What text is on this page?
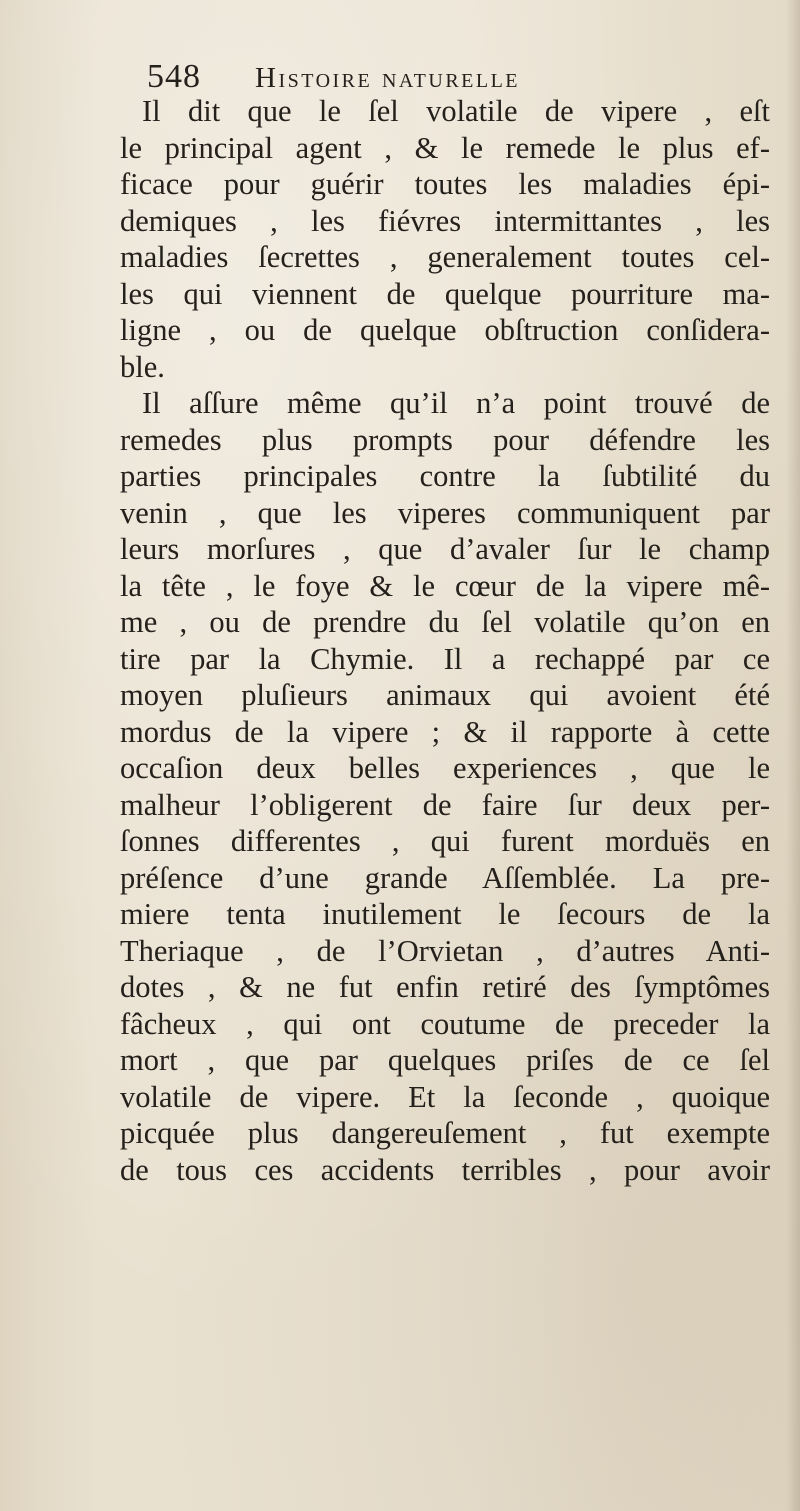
548 Histoire naturelle
Il dit que le ſel volatile de vipere , eſt
le principal agent , & le remede le plus ef-
ficace pour guérir toutes les maladies épi-
demiques , les fiévres intermittantes , les
maladies ſecrettes , generalement toutes cel-
les qui viennent de quelque pourriture ma-
ligne , ou de quelque obſtruction conſidera-
ble.
Il aſſure même qu’il n’a point trouvé de
remedes plus prompts pour défendre les
parties principales contre la ſubtilité du
venin , que les viperes communiquent par
leurs morſures , que d’avaler ſur le champ
la tête , le foye & le cœur de la vipere mê-
me , ou de prendre du ſel volatile qu’on en
tire par la Chymie. Il a rechappé par ce
moyen pluſieurs animaux qui avoient été
mordus de la vipere ; & il rapporte à cette
occaſion deux belles experiences , que le
malheur l’obligerent de faire ſur deux per-
ſonnes differentes , qui furent morduës en
préſence d’une grande Aſſemblée. La pre-
miere tenta inutilement le ſecours de la
Theriaque , de l’Orvietan , d’autres Anti-
dotes , & ne fut enfin retiré des ſymptômes
fâcheux , qui ont coutume de preceder la
mort , que par quelques priſes de ce ſel
volatile de vipere. Et la ſeconde , quoique
picquée plus dangereuſement , fut exempte
de tous ces accidents terribles , pour avoir
